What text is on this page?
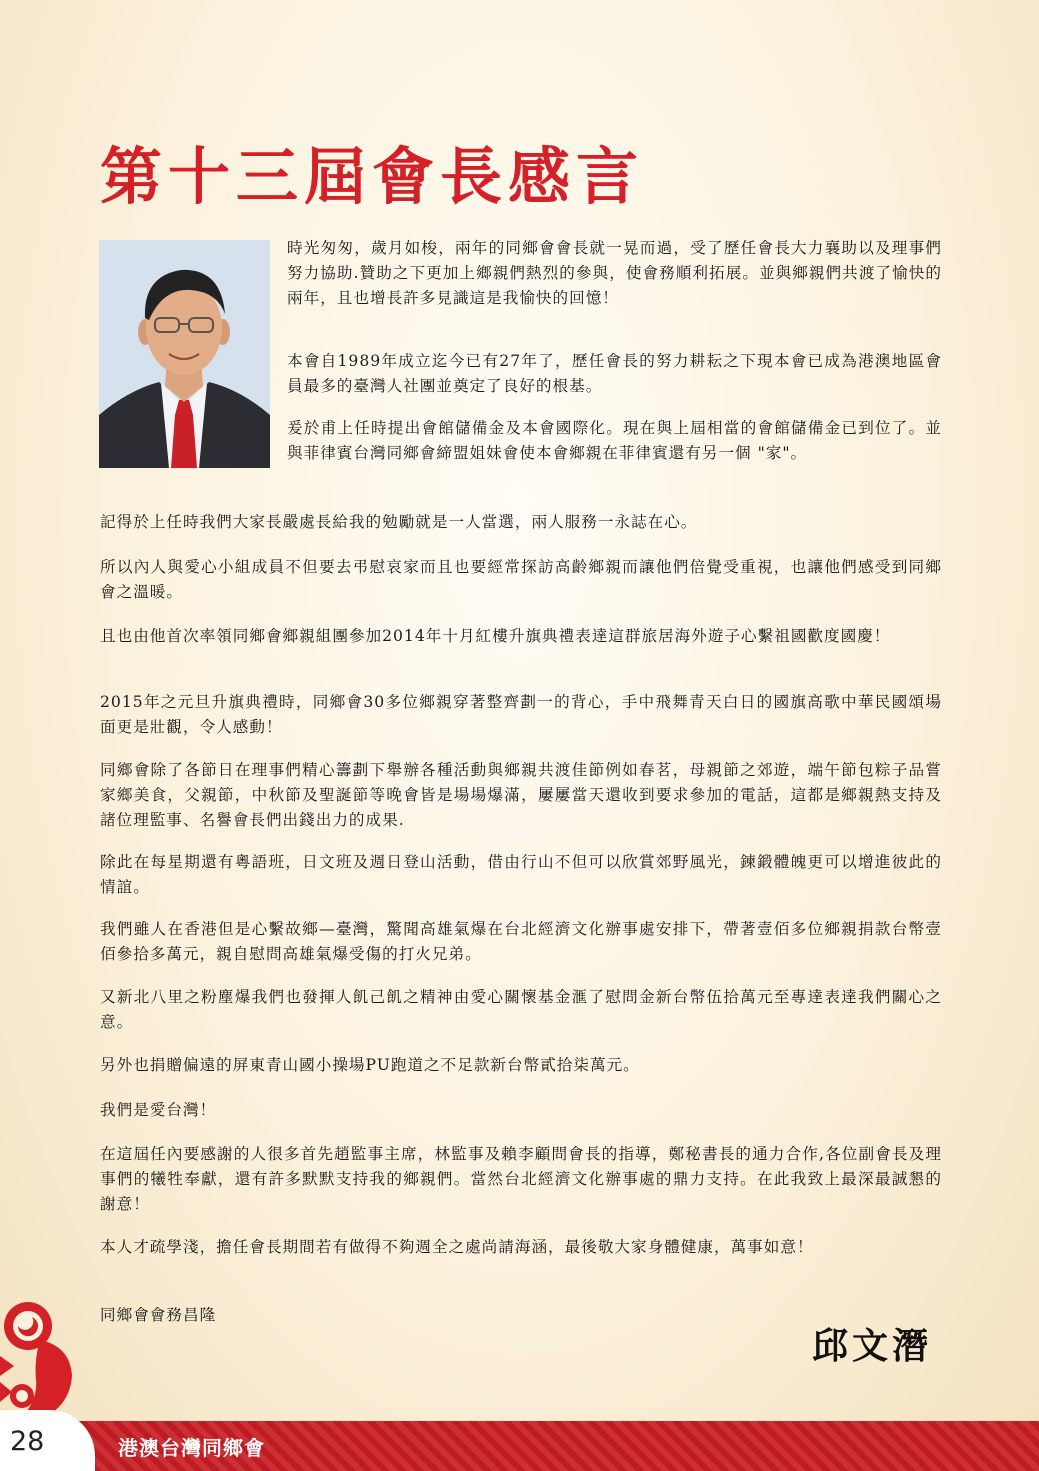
第十三屆會長感言

時光匆匆，歲月如梭，兩年的同鄉會會長就一晃而過，受了歷任會長大力襄助以及理事們努力協助.贊助之下更加上鄉親們熱烈的參與，使會務順利拓展。並與鄉親們共渡了愉快的兩年，且也增長許多見識這是我愉快的回憶！

本會自1989年成立迄今已有27年了，歷任會長的努力耕耘之下現本會已成為港澳地區會員最多的臺灣人社團並奠定了良好的根基。

爰於甫上任時提出會館儲備金及本會國際化。現在與上屆相當的會館儲備金已到位了。並與菲律賓台灣同鄉會締盟姐妹會使本會鄉親在菲律賓還有另一個 "家"。

記得於上任時我們大家長嚴處長給我的勉勵就是一人當選，兩人服務一永誌在心。

所以內人與愛心小組成員不但要去弔慰哀家而且也要經常探訪高齡鄉親而讓他們倍覺受重視，也讓他們感受到同鄉會之溫暖。

且也由他首次率領同鄉會鄉親組團參加2014年十月紅樓升旗典禮表達這群旅居海外遊子心繫祖國歡度國慶！

2015年之元旦升旗典禮時，同鄉會30多位鄉親穿著整齊劃一的背心，手中飛舞青天白日的國旗高歌中華民國頌場面更是壯觀，令人感動！

同鄉會除了各節日在理事們精心籌劃下舉辦各種活動與鄉親共渡佳節例如春茗，母親節之郊遊，端午節包粽子品嘗家鄉美食，父親節，中秋節及聖誕節等晚會皆是場場爆滿，屢屢當天還收到要求參加的電話，這都是鄉親熱支持及諸位理監事、名譽會長們出錢出力的成果.

除此在每星期還有粵語班，日文班及週日登山活動，借由行山不但可以欣賞郊野風光，鍊鍛體魄更可以增進彼此的情誼。

我們雖人在香港但是心繫故鄉—臺灣，驚聞高雄氣爆在台北經濟文化辦事處安排下，帶著壹佰多位鄉親捐款台幣壹佰參拾多萬元，親自慰問高雄氣爆受傷的打火兄弟。

又新北八里之粉塵爆我們也發揮人飢己飢之精神由愛心關懷基金滙了慰問金新台幣伍拾萬元至專達表達我們關心之意。

另外也捐贈偏遠的屏東青山國小操場PU跑道之不足款新台幣貳拾柒萬元。

我們是愛台灣！

在這屆任內要感謝的人很多首先趙監事主席，林監事及賴李顧問會長的指導，鄭秘書長的通力合作,各位副會長及理事們的犧牲奉獻，還有許多默默支持我的鄉親們。當然台北經濟文化辦事處的鼎力支持。在此我致上最深最誠懇的謝意！

本人才疏學淺，擔任會長期間若有做得不夠週全之處尚請海涵，最後敬大家身體健康，萬事如意！

同鄉會會務昌隆

邱文潛
港澳台灣同鄉會
28
